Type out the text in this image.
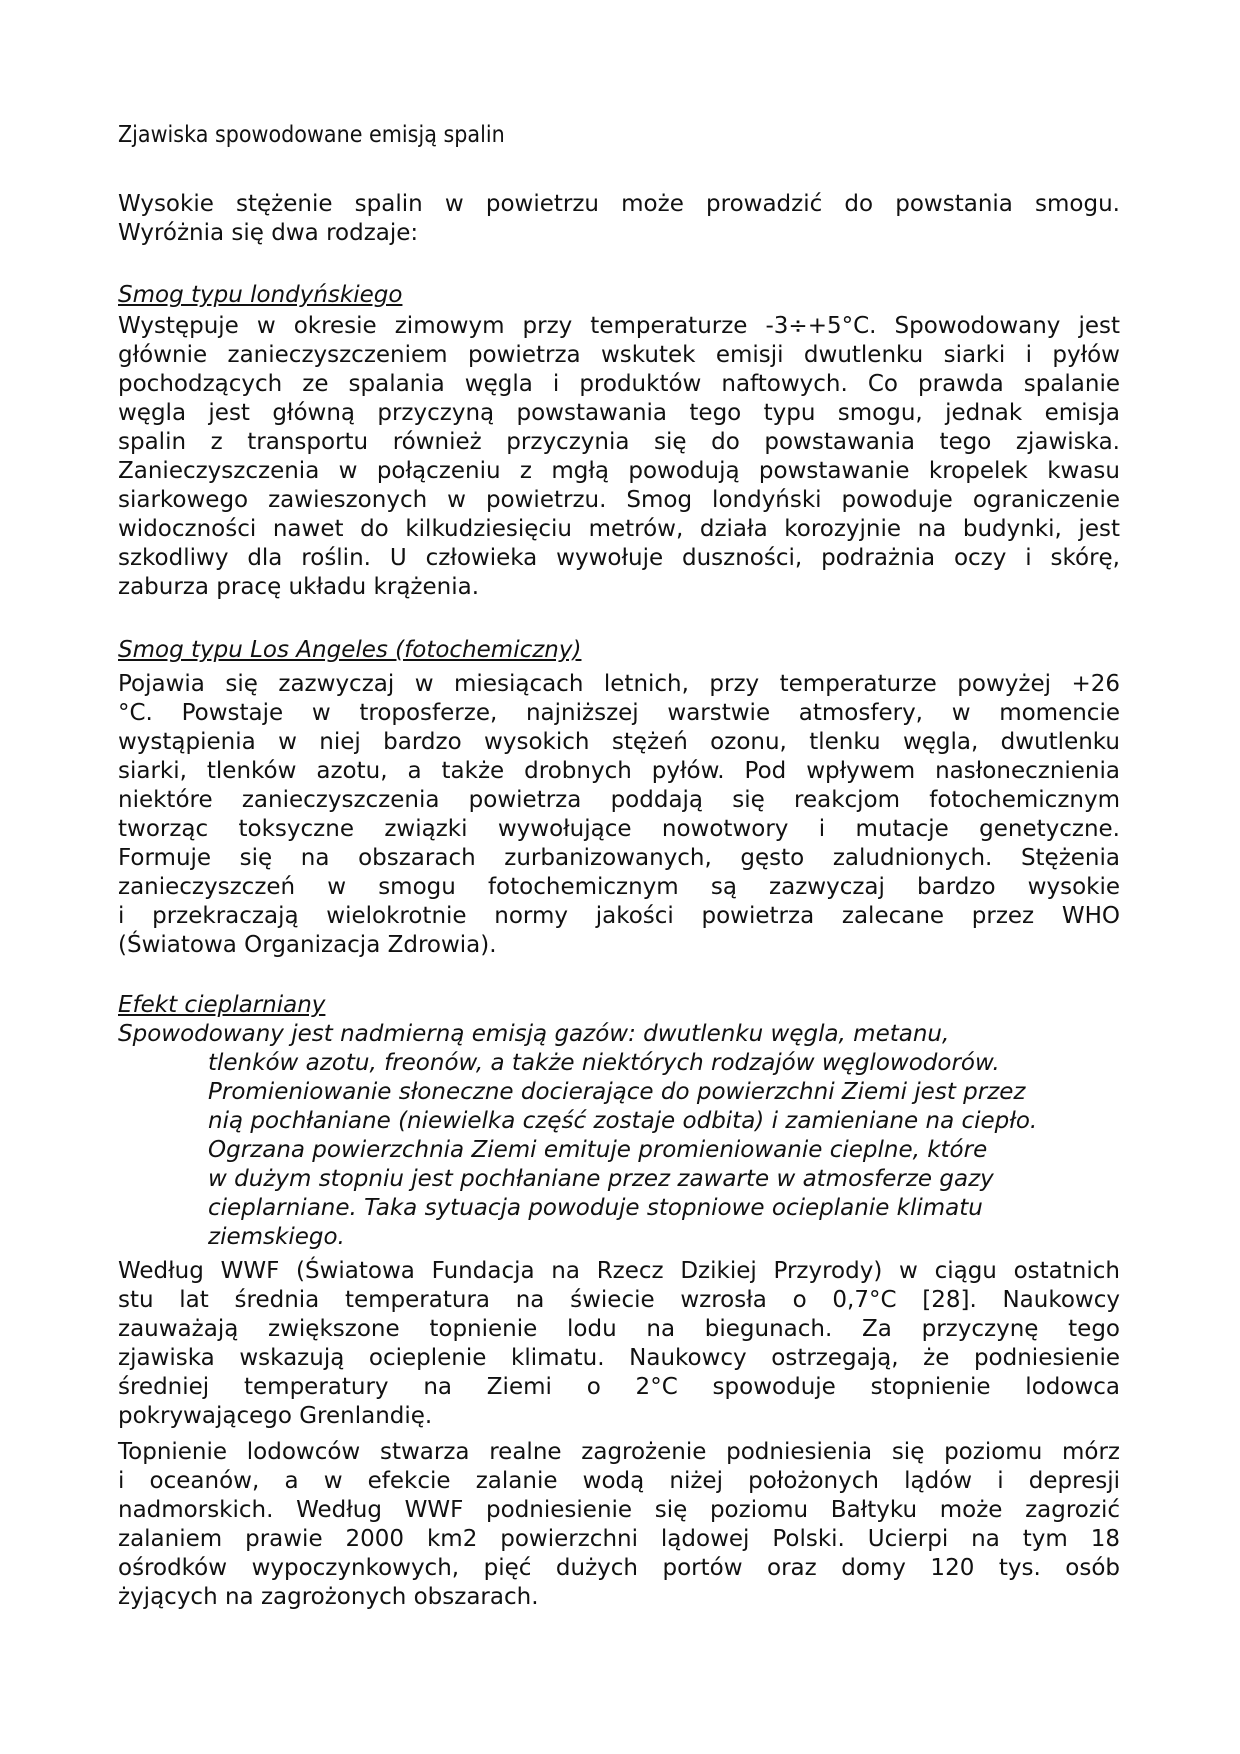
Zjawiska spowodowane emisją spalin
Wysokie stężenie spalin w powietrzu może prowadzić do powstania smogu.
Wyróżnia się dwa rodzaje:
Smog typu londyńskiego
Występuje w okresie zimowym przy temperaturze -3÷+5°C. Spowodowany jest
głównie zanieczyszczeniem powietrza wskutek emisji dwutlenku siarki i pyłów
pochodzących ze spalania węgla i produktów naftowych. Co prawda spalanie
węgla jest główną przyczyną powstawania tego typu smogu, jednak emisja
spalin z transportu również przyczynia się do powstawania tego zjawiska.
Zanieczyszczenia w połączeniu z mgłą powodują powstawanie kropelek kwasu
siarkowego zawieszonych w powietrzu. Smog londyński powoduje ograniczenie
widoczności nawet do kilkudziesięciu metrów, działa korozyjnie na budynki, jest
szkodliwy dla roślin. U człowieka wywołuje duszności, podrażnia oczy i skórę,
zaburza pracę układu krążenia.
Smog typu Los Angeles (fotochemiczny)
Pojawia się zazwyczaj w miesiącach letnich, przy temperaturze powyżej +26
°C. Powstaje w troposferze, najniższej warstwie atmosfery, w momencie
wystąpienia w niej bardzo wysokich stężeń ozonu, tlenku węgla, dwutlenku
siarki, tlenków azotu, a także drobnych pyłów. Pod wpływem nasłonecznienia
niektóre zanieczyszczenia powietrza poddają się reakcjom fotochemicznym
tworząc toksyczne związki wywołujące nowotwory i mutacje genetyczne.
Formuje się na obszarach zurbanizowanych, gęsto zaludnionych. Stężenia
zanieczyszczeń w smogu fotochemicznym są zazwyczaj bardzo wysokie
i przekraczają wielokrotnie normy jakości powietrza zalecane przez WHO
(Światowa Organizacja Zdrowia).
Efekt cieplarniany
Spowodowany jest nadmierną emisją gazów: dwutlenku węgla, metanu,
tlenków azotu, freonów, a także niektórych rodzajów węglowodorów.
Promieniowanie słoneczne docierające do powierzchni Ziemi jest przez
nią pochłaniane (niewielka część zostaje odbita) i zamieniane na ciepło.
Ogrzana powierzchnia Ziemi emituje promieniowanie cieplne, które
w dużym stopniu jest pochłaniane przez zawarte w atmosferze gazy
cieplarniane. Taka sytuacja powoduje stopniowe ocieplanie klimatu
ziemskiego.
Według WWF (Światowa Fundacja na Rzecz Dzikiej Przyrody) w ciągu ostatnich
stu lat średnia temperatura na świecie wzrosła o 0,7°C [28]. Naukowcy
zauważają zwiększone topnienie lodu na biegunach. Za przyczynę tego
zjawiska wskazują ocieplenie klimatu. Naukowcy ostrzegają, że podniesienie
średniej temperatury na Ziemi o 2°C spowoduje stopnienie lodowca
pokrywającego Grenlandię.
Topnienie lodowców stwarza realne zagrożenie podniesienia się poziomu mórz
i oceanów, a w efekcie zalanie wodą niżej położonych lądów i depresji
nadmorskich. Według WWF podniesienie się poziomu Bałtyku może zagrozić
zalaniem prawie 2000 km2 powierzchni lądowej Polski. Ucierpi na tym 18
ośrodków wypoczynkowych, pięć dużych portów oraz domy 120 tys. osób
żyjących na zagrożonych obszarach.
